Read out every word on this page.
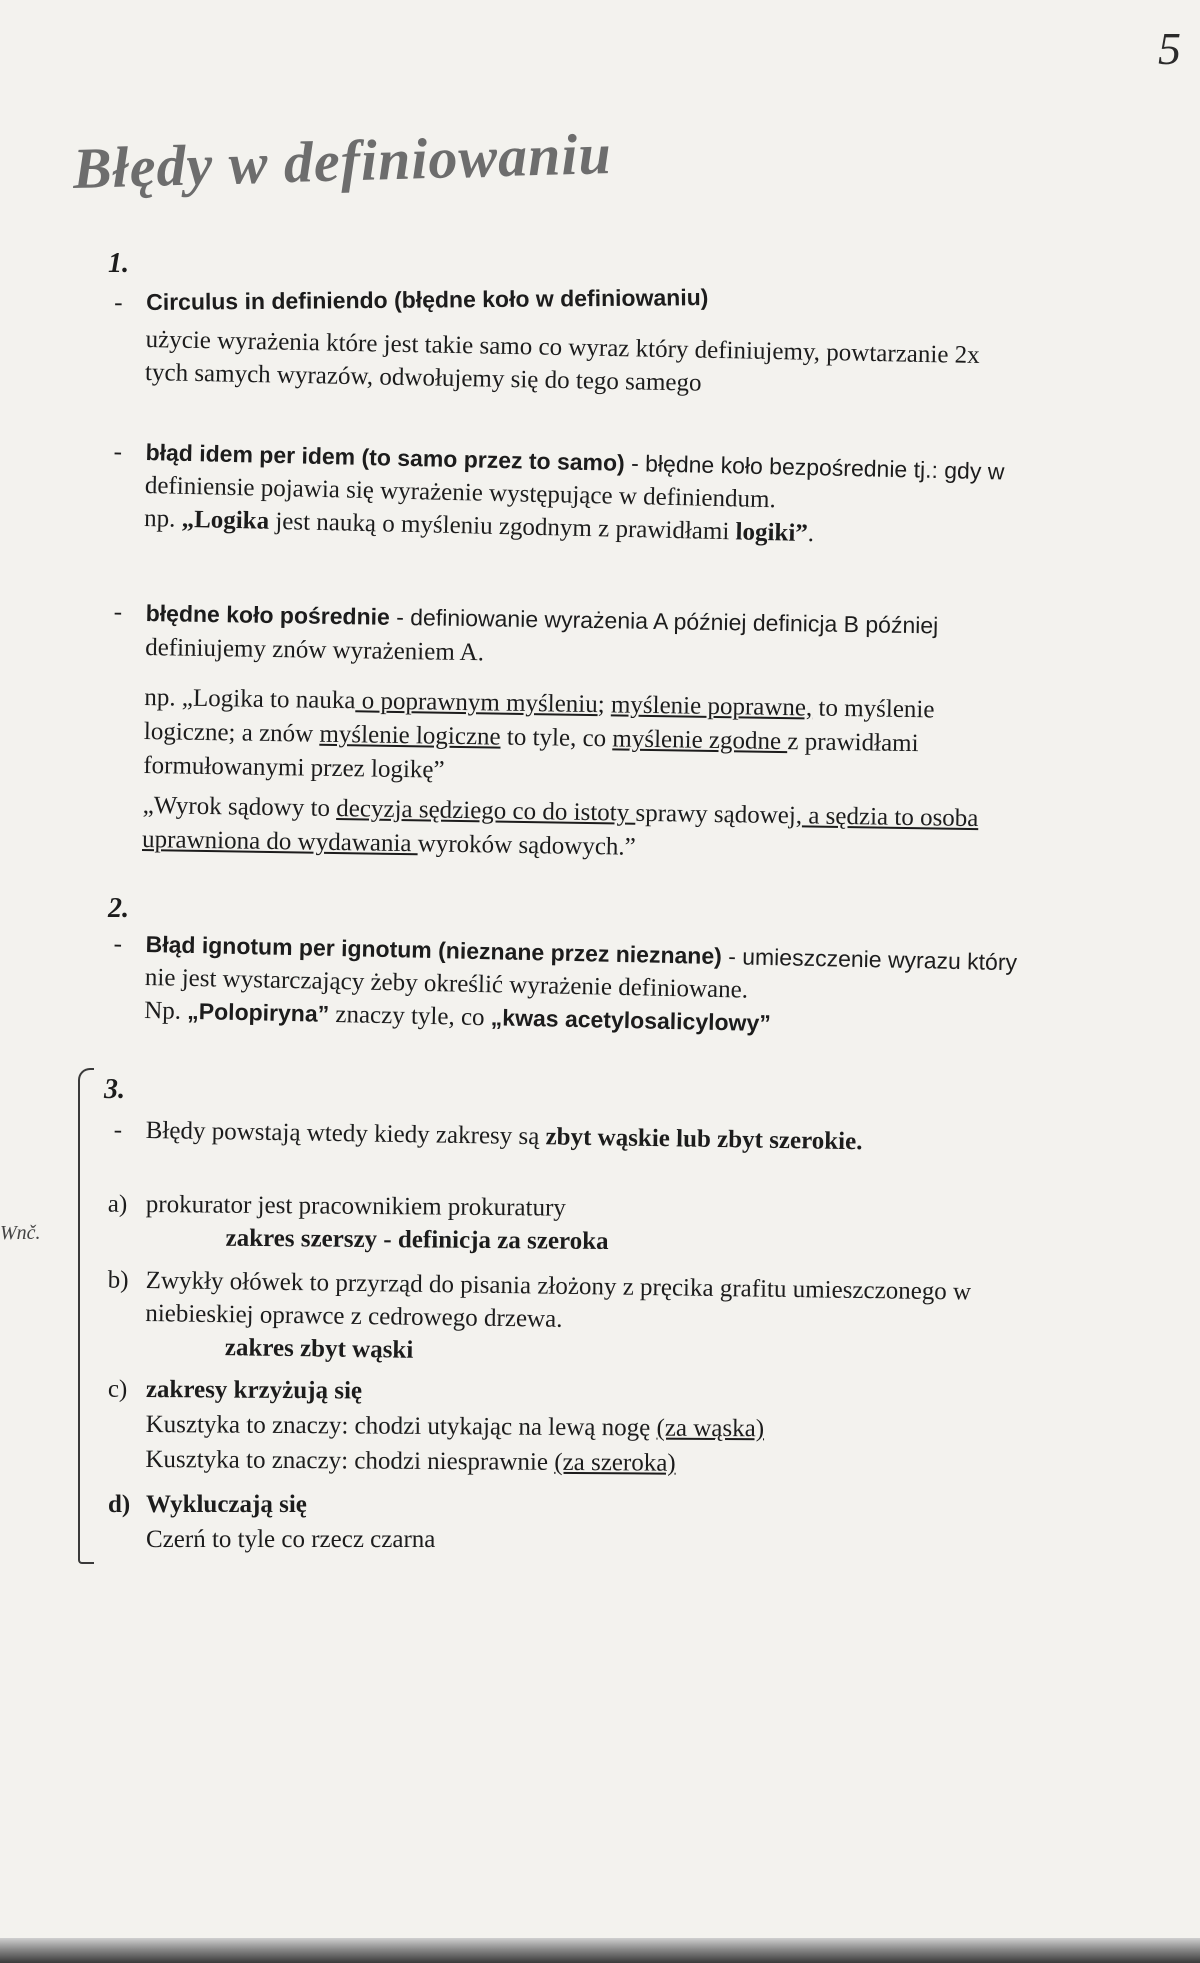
5
Błędy w definiowaniu
1.
- Circulus in definiendo (błędne koło w definiowaniu)
użycie wyrażenia które jest takie samo co wyraz który definiujemy, powtarzanie 2x
tych samych wyrazów, odwołujemy się do tego samego
- błąd idem per idem (to samo przez to samo) - błędne koło bezpośrednie tj.: gdy w
definiensie pojawia się wyrażenie występujące w definiendum.
np. „Logika jest nauką o myśleniu zgodnym z prawidłami logiki”.
- błędne koło pośrednie - definiowanie wyrażenia A później definicja B później
definiujemy znów wyrażeniem A.
np. „Logika to nauka o poprawnym myśleniu; myślenie poprawne, to myślenie
logiczne; a znów myślenie logiczne to tyle, co myślenie zgodne z prawidłami
formułowanymi przez logikę”
„Wyrok sądowy to decyzja sędziego co do istoty sprawy sądowej, a sędzia to osoba
uprawniona do wydawania wyroków sądowych.”
2.
- Błąd ignotum per ignotum (nieznane przez nieznane) - umieszczenie wyrazu który
nie jest wystarczający żeby określić wyrażenie definiowane.
Np. „Polopiryna” znaczy tyle, co „kwas acetylosalicylowy”
Wnč.
3.
- Błędy powstają wtedy kiedy zakresy są zbyt wąskie lub zbyt szerokie.
a) prokurator jest pracownikiem prokuratury
zakres szerszy - definicja za szeroka
b) Zwykły ołówek to przyrząd do pisania złożony z pręcika grafitu umieszczonego w
niebieskiej oprawce z cedrowego drzewa.
zakres zbyt wąski
c) zakresy krzyżują się
Kusztyka to znaczy: chodzi utykając na lewą nogę (za wąska)
Kusztyka to znaczy: chodzi niesprawnie (za szeroka)
d) Wykluczają się
Czerń to tyle co rzecz czarna
